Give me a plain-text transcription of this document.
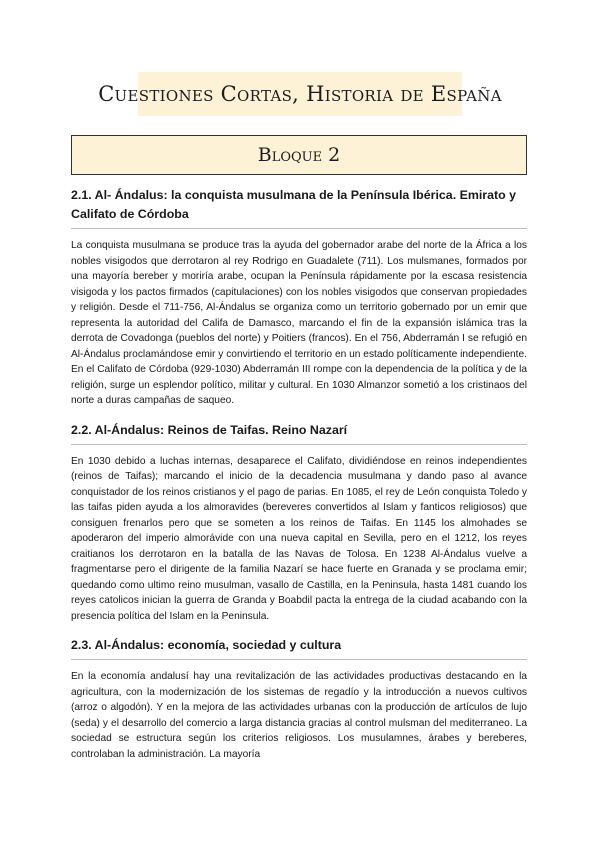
Cuestiones Cortas, Historia de España
Bloque 2

2.1. Al- Ándalus: la conquista musulmana de la Península Ibérica. Emirato y Califato de Córdoba

La conquista musulmana se produce tras la ayuda del gobernador arabe del norte de la África a los nobles visigodos que derrotaron al rey Rodrigo en Guadalete (711). Los mulsmanes, formados por una mayoría bereber y moriría arabe, ocupan la Península rápidamente por la escasa resistencia visigoda y los pactos firmados (capitulaciones) con los nobles visigodos que conservan propiedades y religión. Desde el 711-756, Al-Ándalus se organiza como un territorio gobernado por un emir que representa la autoridad del Califa de Damasco, marcando el fin de la expansión islámica tras la derrota de Covadonga (pueblos del norte) y Poitiers (francos). En el 756, Abderramán I se refugió en Al-Ándalus proclamándose emir y convirtiendo el territorio en un estado políticamente independiente. En el Califato de Córdoba (929-1030) Abderramán III rompe con la dependencia de la política y de la religión, surge un esplendor político, militar y cultural. En 1030 Almanzor sometió a los cristinaos del norte a duras campañas de saqueo.

2.2. Al-Ándalus: Reinos de Taifas. Reino Nazarí

En 1030 debido a luchas internas, desaparece el Califato, dividiéndose en reinos independientes (reinos de Taifas); marcando el inicio de la decadencia musulmana y dando paso al avance conquistador de los reinos cristianos y el pago de parias. En 1085, el rey de León conquista Toledo y las taifas piden ayuda a los almoravides (bereveres convertidos al Islam y fanticos religiosos) que consiguen frenarlos pero que se someten a los reinos de Taifas. En 1145 los almohades se apoderaron del imperio almorávide con una nueva capital en Sevilla, pero en el 1212, los reyes craitianos los derrotaron en la batalla de las Navas de Tolosa. En 1238 Al-Ándalus vuelve a fragmentarse pero el dirigente de la familia Nazarí se hace fuerte en Granada y se proclama emir; quedando como ultimo reino musulman, vasallo de Castilla, en la Peninsula, hasta 1481 cuando los reyes catolicos inician la guerra de Granda y Boabdil pacta la entrega de la ciudad acabando con la presencia política del Islam en la Peninsula.

2.3. Al-Ándalus: economía, sociedad y cultura

En la economía andalusí hay una revitalización de las actividades productivas destacando en la agricultura, con la modernización de los sistemas de regadío y la introducción a nuevos cultivos (arroz o algodón). Y en la mejora de las actividades urbanas con la producción de artículos de lujo (seda) y el desarrollo del comercio a larga distancia gracias al control mulsman del mediterraneo. La sociedad se estructura según los criterios religiosos. Los musulamnes, árabes y bereberes, controlaban la administración. La mayoría
